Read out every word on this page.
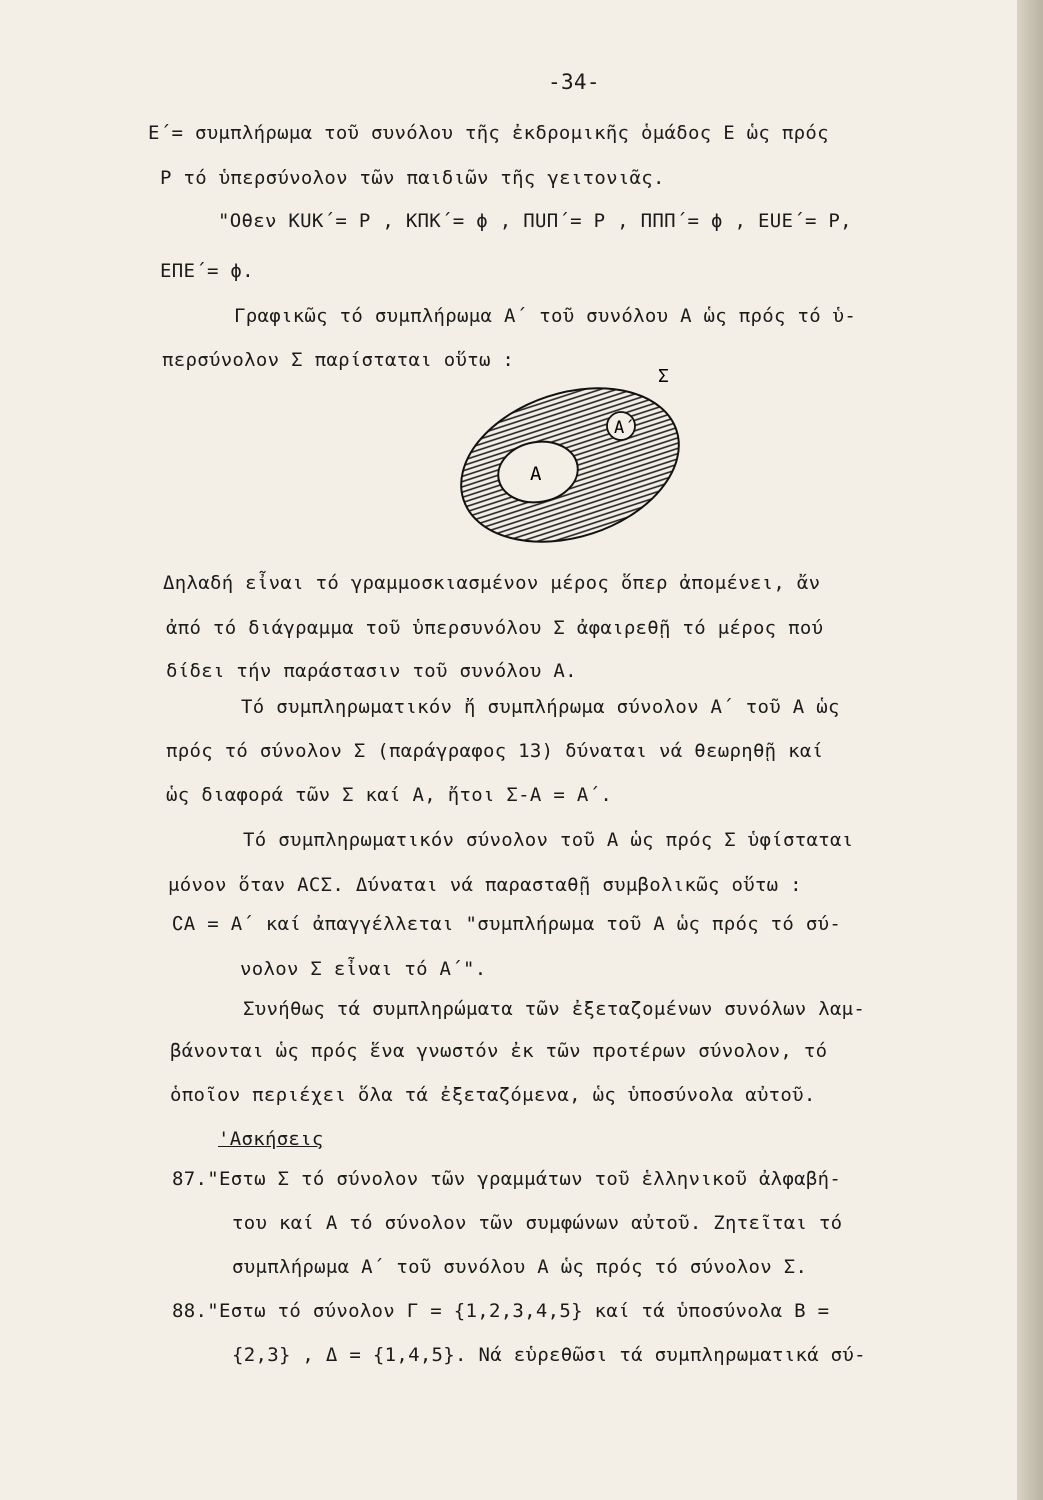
-34-
Ε΄= συμπλήρωμα τοῦ συνόλου τῆς ἐκδρομικῆς ὁμάδος Ε ὡς πρός
Ρ τό ὑπερσύνολον τῶν παιδιῶν τῆς γειτονιᾶς.
"Οθεν ΚUΚ΄= Ρ , ΚΠΚ΄= ϕ , ΠUΠ΄= Ρ , ΠΠΠ΄= ϕ , ΕUΕ΄= Ρ,
ΕΠΕ΄= ϕ.
Γραφικῶς τό συμπλήρωμα Α΄ τοῦ συνόλου Α ὡς πρός τό ὑ-
περσύνολον Σ παρίσταται οὕτω :
Α΄
Α
Σ
Δηλαδή εἶναι τό γραμμοσκιασμένον μέρος ὅπερ ἀπομένει, ἄν
ἀπό τό διάγραμμα τοῦ ὑπερσυνόλου Σ ἀφαιρεθῇ τό μέρος πού
δίδει τήν παράστασιν τοῦ συνόλου Α.
Τό συμπληρωματικόν ἤ συμπλήρωμα σύνολον Α΄ τοῦ Α ὡς
πρός τό σύνολον Σ (παράγραφος 13) δύναται νά θεωρηθῇ καί
ὡς διαφορά τῶν Σ καί Α, ἤτοι Σ-Α = Α΄.
Τό συμπληρωματικόν σύνολον τοῦ Α ὡς πρός Σ ὑφίσταται
μόνον ὅταν ΑCΣ. Δύναται νά παρασταθῇ συμβολικῶς οὕτω :
∁Α = Α΄ καί ἀπαγγέλλεται "συμπλήρωμα τοῦ Α ὡς πρός τό σύ-
νολον Σ εἶναι τό Α΄".
Συνήθως τά συμπληρώματα τῶν ἐξεταζομένων συνόλων λαμ-
βάνονται ὡς πρός ἕνα γνωστόν ἐκ τῶν προτέρων σύνολον, τό
ὁποῖον περιέχει ὅλα τά ἐξεταζόμενα, ὡς ὑποσύνολα αὐτοῦ.
'Ασκήσεις
87."Εστω Σ τό σύνολον τῶν γραμμάτων τοῦ ἑλληνικοῦ ἀλφαβή-
του καί Α τό σύνολον τῶν συμφώνων αὐτοῦ. Ζητεῖται τό
συμπλήρωμα Α΄ τοῦ συνόλου Α ὡς πρός τό σύνολον Σ.
88."Εστω τό σύνολον Γ = {1,2,3,4,5} καί τά ὑποσύνολα Β =
{2,3} , Δ = {1,4,5}. Νά εὑρεθῶσι τά συμπληρωματικά σύ-
